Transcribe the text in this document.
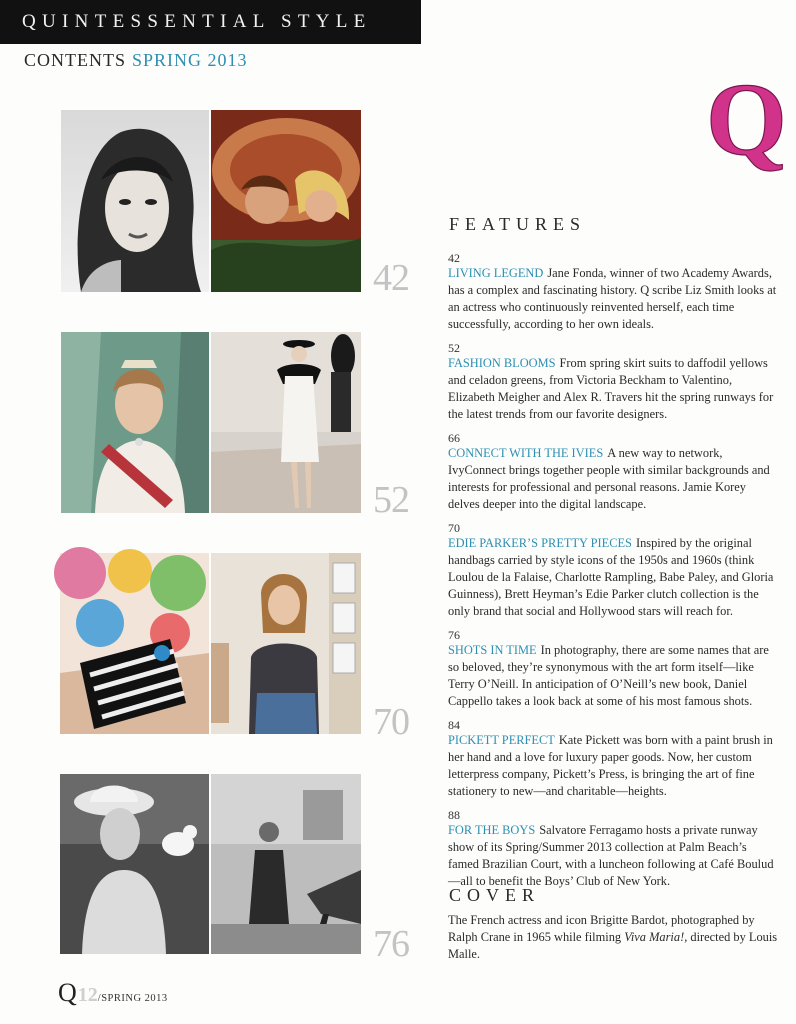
QUINTESSENTIAL STYLE
CONTENTS SPRING 2013
Q
42
52
70
76
FEATURES
42
LIVING LEGEND Jane Fonda, winner of two Academy Awards, has a complex and fascinating history. Q scribe Liz Smith looks at an actress who continuously reinvented herself, each time successfully, according to her own ideals.
52
FASHION BLOOMS From spring skirt suits to daffodil yellows and celadon greens, from Victoria Beckham to Valentino, Elizabeth Meigher and Alex R. Travers hit the spring runways for the latest trends from our favorite designers.
66
CONNECT WITH THE IVIES A new way to network, IvyConnect brings together people with similar backgrounds and interests for professional and personal reasons. Jamie Korey delves deeper into the digital landscape.
70
EDIE PARKER’S PRETTY PIECES Inspired by the original handbags carried by style icons of the 1950s and 1960s (think Loulou de la Falaise, Charlotte Rampling, Babe Paley, and Gloria Guinness), Brett Heyman’s Edie Parker clutch collection is the only brand that social and Hollywood stars will reach for.
76
SHOTS IN TIME In photography, there are some names that are so beloved, they’re synonymous with the art form itself—like Terry O’Neill. In anticipation of O’Neill’s new book, Daniel Cappello takes a look back at some of his most famous shots.
84
PICKETT PERFECT Kate Pickett was born with a paint brush in her hand and a love for luxury paper goods. Now, her custom letterpress company, Pickett’s Press, is bringing the art of fine stationery to new—and charitable—heights.
88
FOR THE BOYS Salvatore Ferragamo hosts a private runway show of its Spring/Summer 2013 collection at Palm Beach’s famed Brazilian Court, with a luncheon following at Café Boulud—all to benefit the Boys’ Club of New York.
COVER
The French actress and icon Brigitte Bardot, photographed by Ralph Crane in 1965 while filming Viva Maria!, directed by Louis Malle.
Q12/SPRING 2013
